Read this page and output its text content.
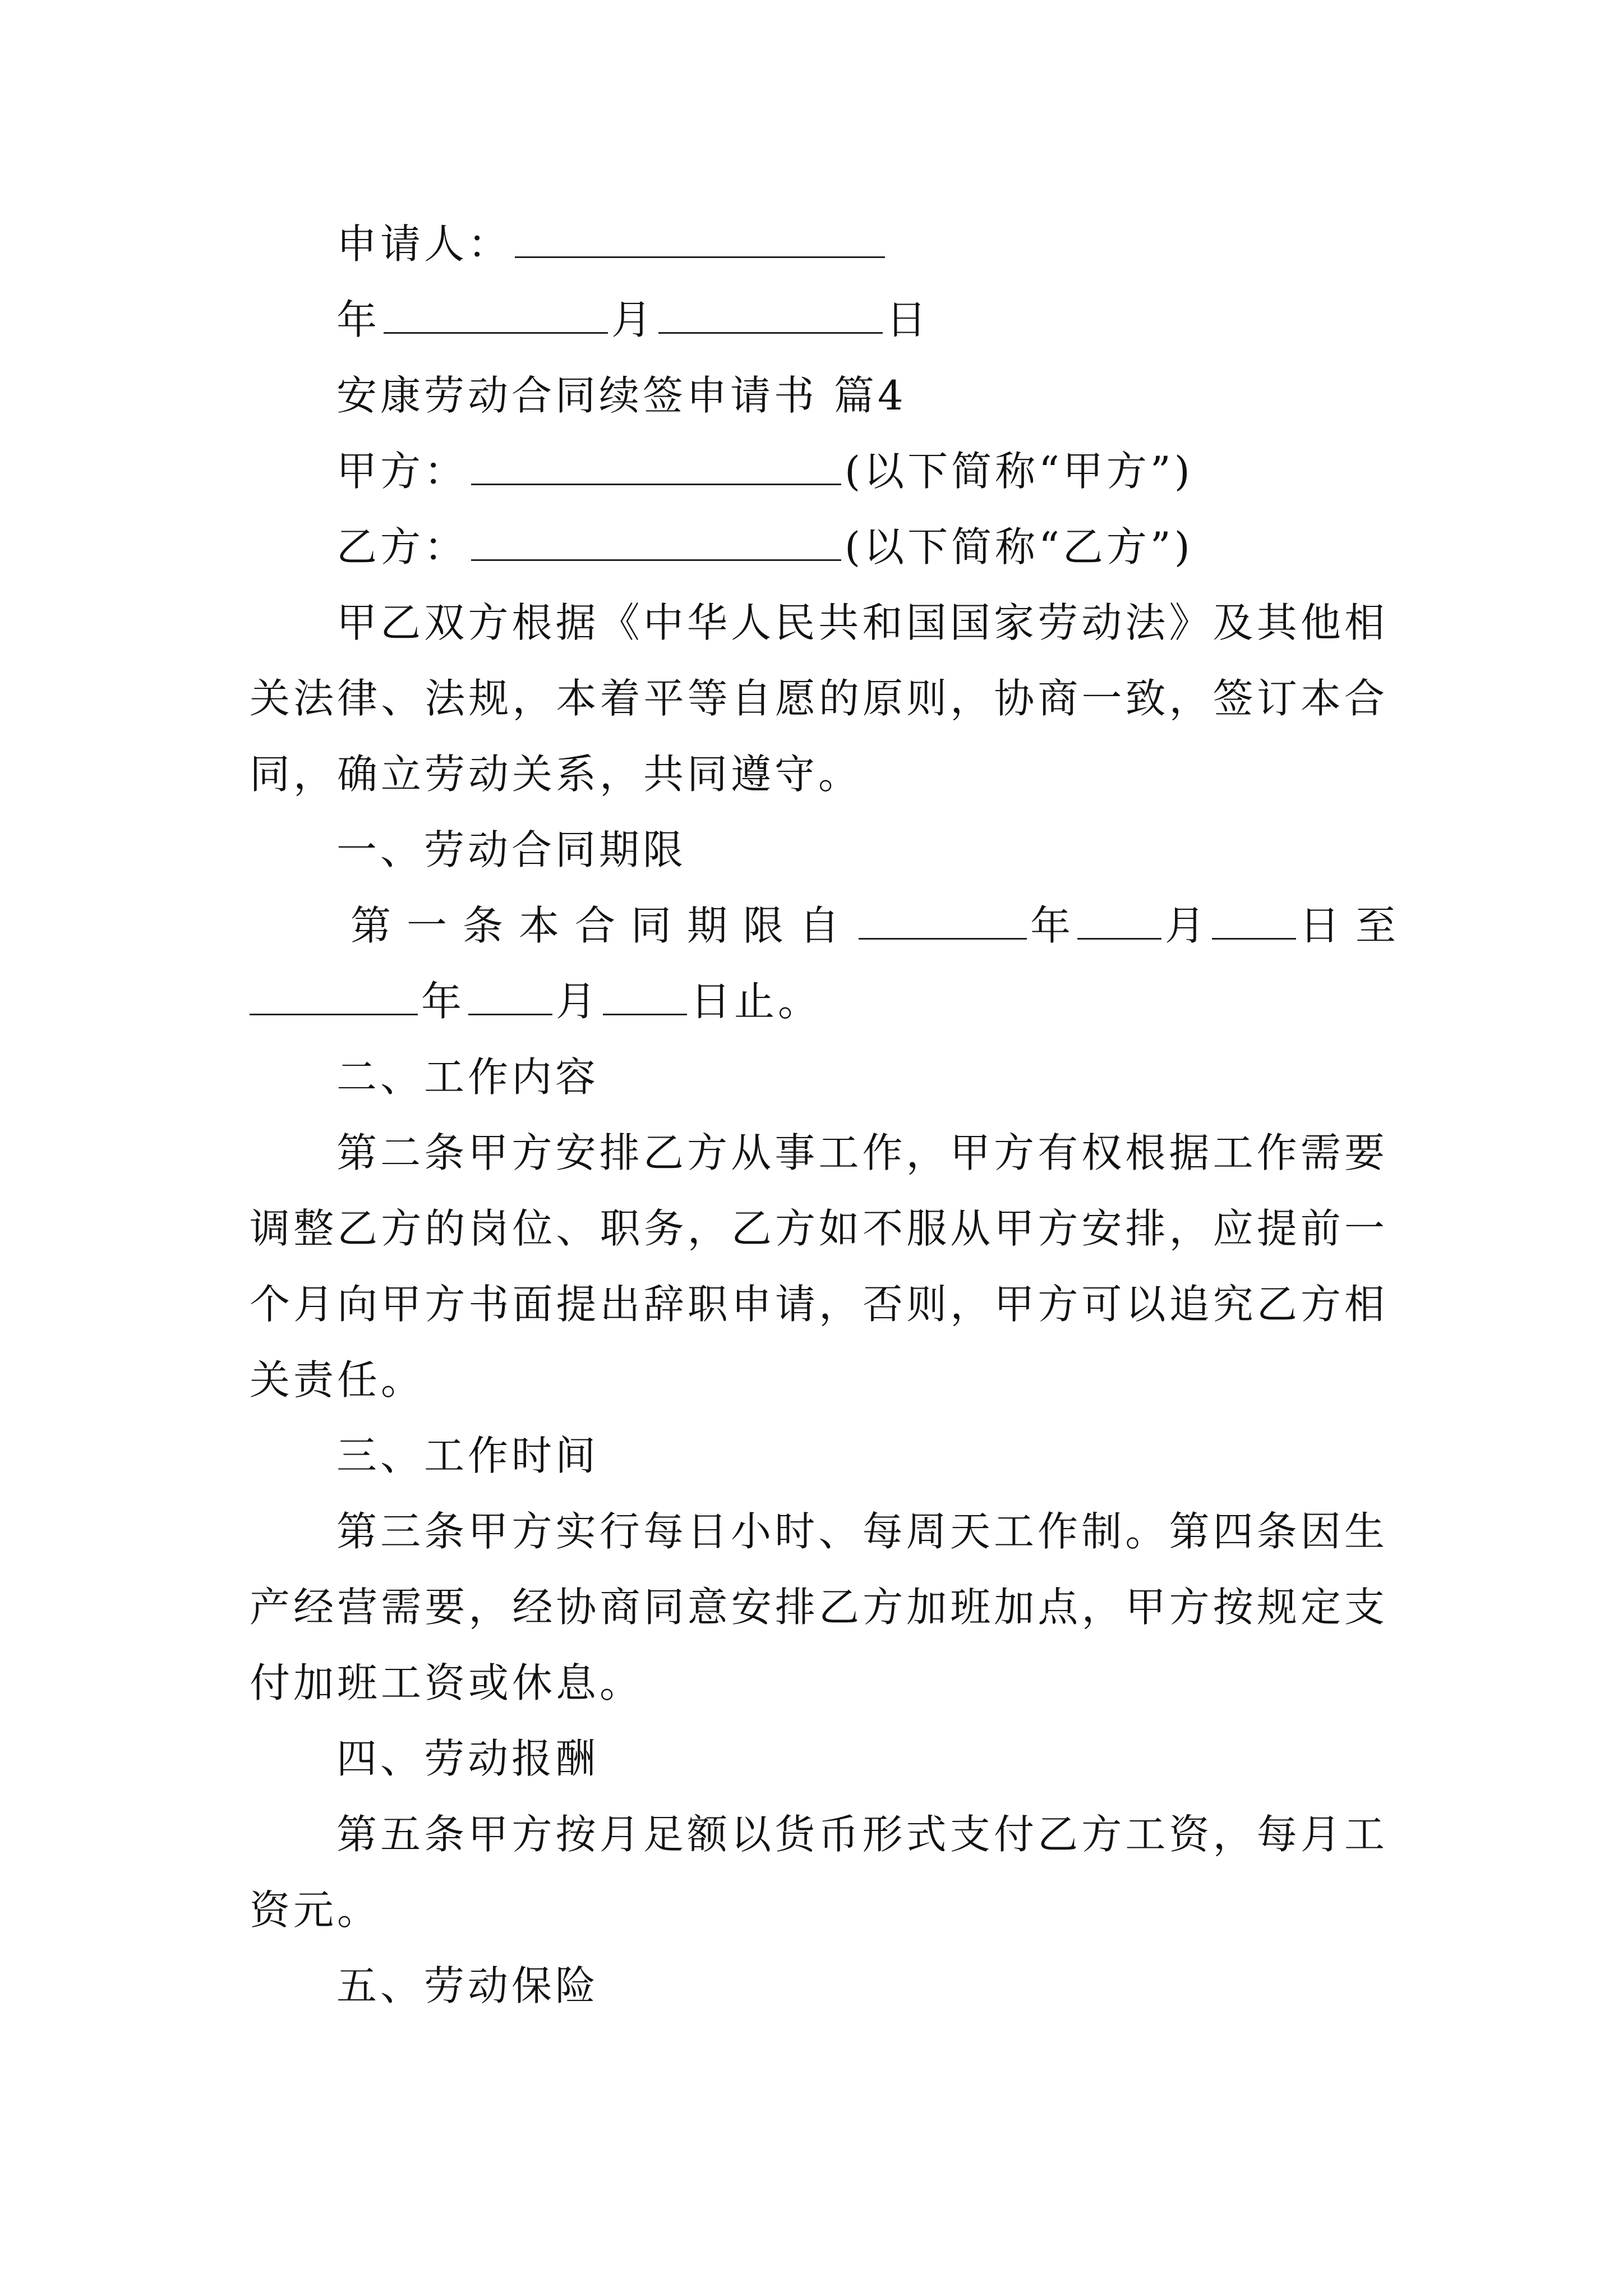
申请人：
年	月	日
安康劳动合同续签申请书 篇4
甲方：	(以下简称“甲方”)
乙方：	(以下简称“乙方”)
甲乙双方根据《中华人民共和国国家劳动法》及其他相
关法律、法规，本着平等自愿的原则，协商一致，签订本合
同，确立劳动关系，共同遵守。
一、劳动合同期限
第一条本合同期限自	年 月 日至
年 月 日止。
二、工作内容
第二条甲方安排乙方从事工作，甲方有权根据工作需要
调整乙方的岗位、职务，乙方如不服从甲方安排，应提前一
个月向甲方书面提出辞职申请，否则，甲方可以追究乙方相
关责任。
三、工作时间
第三条甲方实行每日小时、每周天工作制。第四条因生
产经营需要，经协商同意安排乙方加班加点，甲方按规定支
付加班工资或休息。
四、劳动报酬
第五条甲方按月足额以货币形式支付乙方工资，每月工
资元。
五、劳动保险
